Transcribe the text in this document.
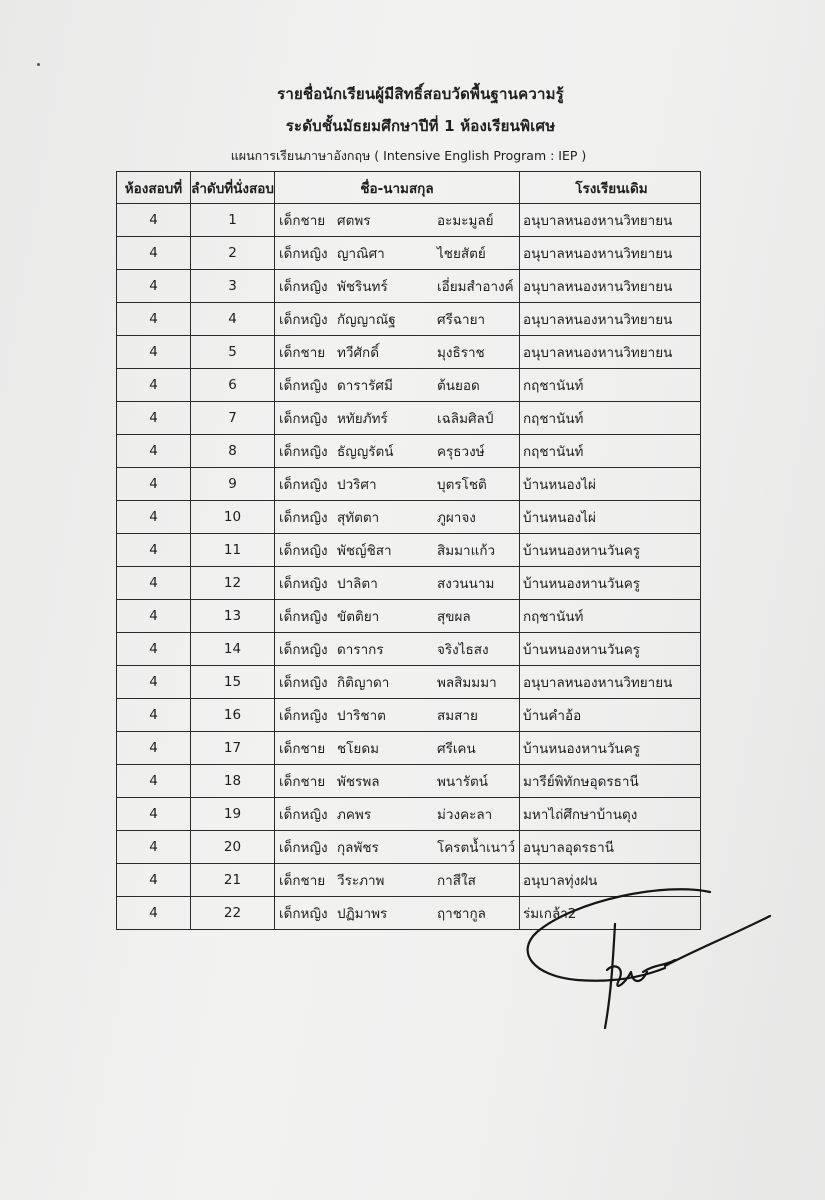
รายชื่อนักเรียนผู้มีสิทธิ์สอบวัดพื้นฐานความรู้
ระดับชั้นมัธยมศึกษาปีที่ 1 ห้องเรียนพิเศษ
แผนการเรียนภาษาอังกฤษ ( Intensive English Program : IEP )
ห้องสอบที่	ลำดับที่นั่งสอบ	ชื่อ-นามสกุล	โรงเรียนเดิม
4	1	เด็กชาย ศตพร อะมะมูลย์	อนุบาลหนองหานวิทยายน
4	2	เด็กหญิง ญาณิศา ไชยสัตย์	อนุบาลหนองหานวิทยายน
4	3	เด็กหญิง พัชรินทร์ เอี่ยมสำอางค์	อนุบาลหนองหานวิทยายน
4	4	เด็กหญิง กัญญาณัฐ ศรีฉายา	อนุบาลหนองหานวิทยายน
4	5	เด็กชาย ทวีศักดิ์ มุงธิราช	อนุบาลหนองหานวิทยายน
4	6	เด็กหญิง ดารารัศมี ต้นยอด	กฤชานันท์
4	7	เด็กหญิง หทัยภัทร์ เฉลิมศิลป์	กฤชานันท์
4	8	เด็กหญิง ธัญญรัตน์ ครุธวงษ์	กฤชานันท์
4	9	เด็กหญิง ปวริศา บุตรโชติ	บ้านหนองไผ่
4	10	เด็กหญิง สุทัตตา ภูผาจง	บ้านหนองไผ่
4	11	เด็กหญิง พัชญ์ชิสา สิมมาแก้ว	บ้านหนองหานวันครู
4	12	เด็กหญิง ปาลิตา สงวนนาม	บ้านหนองหานวันครู
4	13	เด็กหญิง ขัตติยา สุขผล	กฤชานันท์
4	14	เด็กหญิง ดารากร จริงไธสง	บ้านหนองหานวันครู
4	15	เด็กหญิง กิติญาดา พลสิมมมา	อนุบาลหนองหานวิทยายน
4	16	เด็กหญิง ปาริชาต สมสาย	บ้านคำอ้อ
4	17	เด็กชาย ชโยดม ศรีเคน	บ้านหนองหานวันครู
4	18	เด็กชาย พัชรพล พนารัตน์	มารีย์พิทักษอุดรธานี
4	19	เด็กหญิง ภคพร ม่วงคะลา	มหาไถ่ศึกษาบ้านดุง
4	20	เด็กหญิง กุลพัชร โครตน้ำเนาว์	อนุบาลอุดรธานี
4	21	เด็กชาย วีระภาพ กาสีใส	อนุบาลทุ่งฝน
4	22	เด็กหญิง ปฏิมาพร ฤาชากูล	ร่มเกล้า2
